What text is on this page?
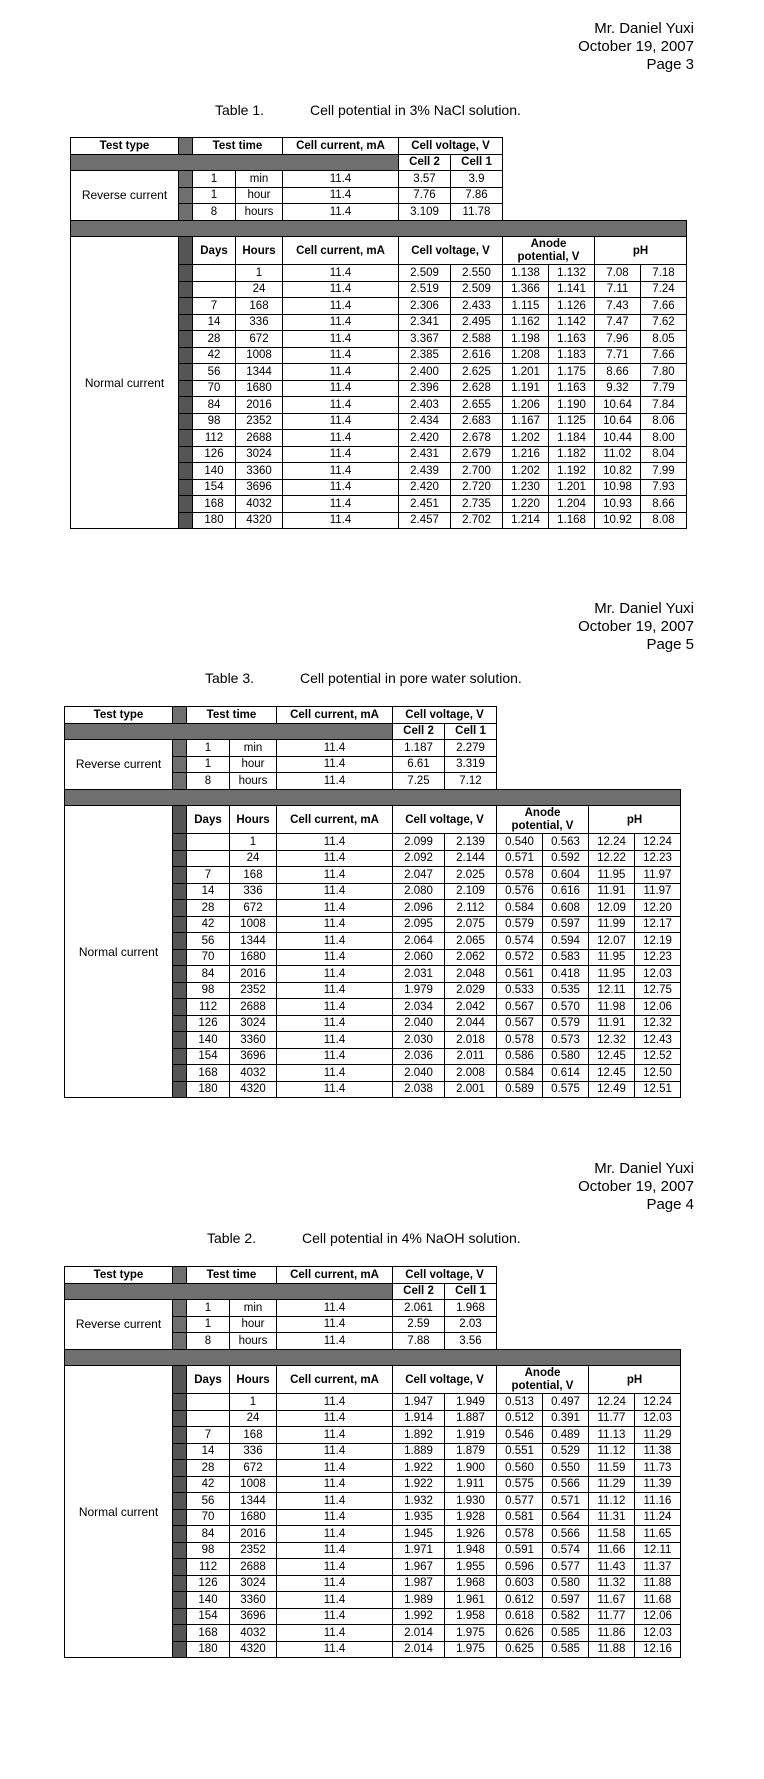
Mr. Daniel Yuxi
October 19, 2007
Page 3
Table 1.	Cell potential in 3% NaCl solution.
Test type		Test time		Cell current, mA	Cell voltage, V					
					Cell 2	Cell 1				
Reverse current		1	min	11.4	3.57	3.9				
		1	hour	11.4	7.76	7.86				
		8	hours	11.4	3.109	11.78				

Normal current		Days	Hours	Cell current, mA	Cell voltage, V		Anode potential, V		pH	
			1	11.4	2.509	2.550	1.138	1.132	7.08	7.18
			24	11.4	2.519	2.509	1.366	1.141	7.11	7.24
		7	168	11.4	2.306	2.433	1.115	1.126	7.43	7.66
		14	336	11.4	2.341	2.495	1.162	1.142	7.47	7.62
		28	672	11.4	3.367	2.588	1.198	1.163	7.96	8.05
		42	1008	11.4	2.385	2.616	1.208	1.183	7.71	7.66
		56	1344	11.4	2.400	2.625	1.201	1.175	8.66	7.80
		70	1680	11.4	2.396	2.628	1.191	1.163	9.32	7.79
		84	2016	11.4	2.403	2.655	1.206	1.190	10.64	7.84
		98	2352	11.4	2.434	2.683	1.167	1.125	10.64	8.06
		112	2688	11.4	2.420	2.678	1.202	1.184	10.44	8.00
		126	3024	11.4	2.431	2.679	1.216	1.182	11.02	8.04
		140	3360	11.4	2.439	2.700	1.202	1.192	10.82	7.99
		154	3696	11.4	2.420	2.720	1.230	1.201	10.98	7.93
		168	4032	11.4	2.451	2.735	1.220	1.204	10.93	8.66
		180	4320	11.4	2.457	2.702	1.214	1.168	10.92	8.08
Mr. Daniel Yuxi
October 19, 2007
Page 5
Table 3.	Cell potential in pore water solution.
Test type		Test time		Cell current, mA	Cell voltage, V					
					Cell 2	Cell 1				
Reverse current		1	min	11.4	1.187	2.279				
		1	hour	11.4	6.61	3.319				
		8	hours	11.4	7.25	7.12				

Normal current		Days	Hours	Cell current, mA	Cell voltage, V		Anode potential, V		pH	
			1	11.4	2.099	2.139	0.540	0.563	12.24	12.24
			24	11.4	2.092	2.144	0.571	0.592	12.22	12.23
		7	168	11.4	2.047	2.025	0.578	0.604	11.95	11.97
		14	336	11.4	2.080	2.109	0.576	0.616	11.91	11.97
		28	672	11.4	2.096	2.112	0.584	0.608	12.09	12.20
		42	1008	11.4	2.095	2.075	0.579	0.597	11.99	12.17
		56	1344	11.4	2.064	2.065	0.574	0.594	12.07	12.19
		70	1680	11.4	2.060	2.062	0.572	0.583	11.95	12.23
		84	2016	11.4	2.031	2.048	0.561	0.418	11.95	12.03
		98	2352	11.4	1.979	2.029	0.533	0.535	12.11	12.75
		112	2688	11.4	2.034	2.042	0.567	0.570	11.98	12.06
		126	3024	11.4	2.040	2.044	0.567	0.579	11.91	12.32
		140	3360	11.4	2.030	2.018	0.578	0.573	12.32	12.43
		154	3696	11.4	2.036	2.011	0.586	0.580	12.45	12.52
		168	4032	11.4	2.040	2.008	0.584	0.614	12.45	12.50
		180	4320	11.4	2.038	2.001	0.589	0.575	12.49	12.51
Mr. Daniel Yuxi
October 19, 2007
Page 4
Table 2.	Cell potential in 4% NaOH solution.
Test type		Test time		Cell current, mA	Cell voltage, V					
					Cell 2	Cell 1				
Reverse current		1	min	11.4	2.061	1.968				
		1	hour	11.4	2.59	2.03				
		8	hours	11.4	7.88	3.56				

Normal current		Days	Hours	Cell current, mA	Cell voltage, V		Anode potential, V		pH	
			1	11.4	1.947	1.949	0.513	0.497	12.24	12.24
			24	11.4	1.914	1.887	0.512	0.391	11.77	12.03
		7	168	11.4	1.892	1.919	0.546	0.489	11.13	11.29
		14	336	11.4	1.889	1.879	0.551	0.529	11.12	11.38
		28	672	11.4	1.922	1.900	0.560	0.550	11.59	11.73
		42	1008	11.4	1.922	1.911	0.575	0.566	11.29	11.39
		56	1344	11.4	1.932	1.930	0.577	0.571	11.12	11.16
		70	1680	11.4	1.935	1.928	0.581	0.564	11.31	11.24
		84	2016	11.4	1.945	1.926	0.578	0.566	11.58	11.65
		98	2352	11.4	1.971	1.948	0.591	0.574	11.66	12.11
		112	2688	11.4	1.967	1.955	0.596	0.577	11.43	11.37
		126	3024	11.4	1.987	1.968	0.603	0.580	11.32	11.88
		140	3360	11.4	1.989	1.961	0.612	0.597	11.67	11.68
		154	3696	11.4	1.992	1.958	0.618	0.582	11.77	12.06
		168	4032	11.4	2.014	1.975	0.626	0.585	11.86	12.03
		180	4320	11.4	2.014	1.975	0.625	0.585	11.88	12.16
